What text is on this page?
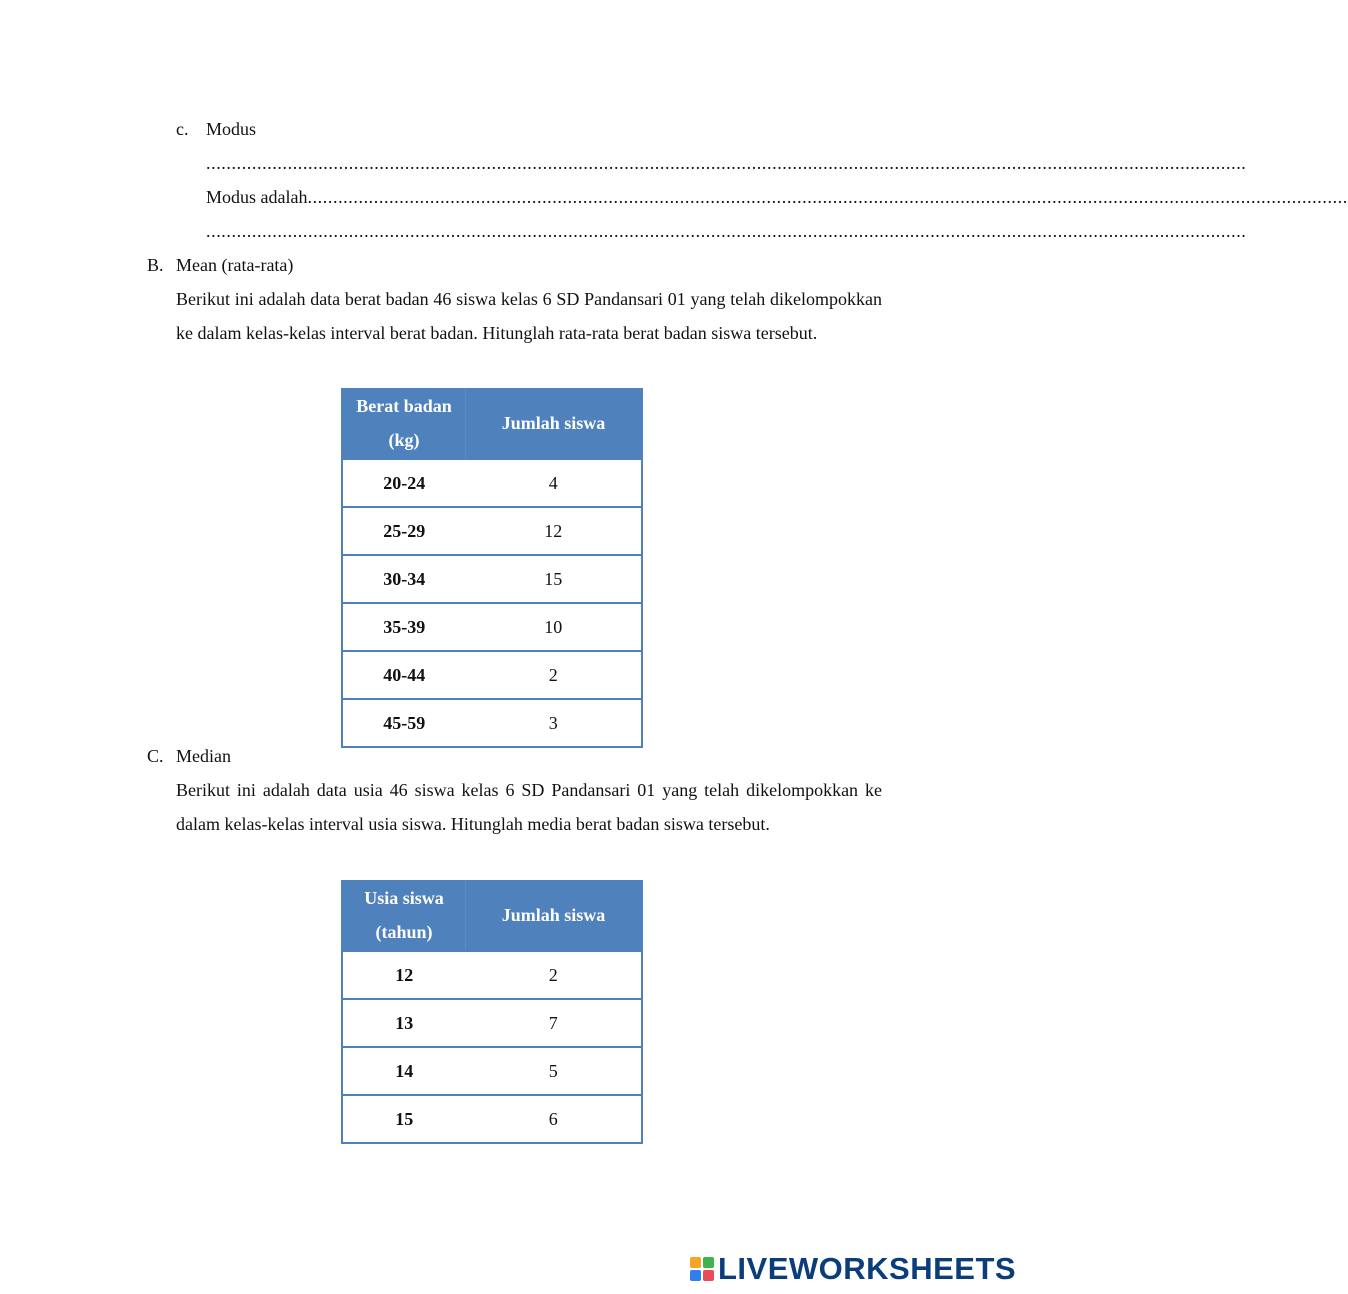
c. Modus
............................................................................................................................................................................................................
Modus adalah............................................................................................................................................................................................................
............................................................................................................................................................................................................
B. Mean (rata-rata)
Berikut ini adalah data berat badan 46 siswa kelas 6 SD Pandansari 01 yang telah dikelompokkan ke dalam kelas-kelas interval berat badan. Hitunglah rata-rata berat badan siswa tersebut.
Berat badan (kg)	Jumlah siswa
20-24	4
25-29	12
30-34	15
35-39	10
40-44	2
45-59	3
C. Median
Berikut ini adalah data usia 46 siswa kelas 6 SD Pandansari 01 yang telah dikelompokkan ke dalam kelas-kelas interval usia siswa. Hitunglah media berat badan siswa tersebut.
Usia siswa (tahun)	Jumlah siswa
12	2
13	7
14	5
15	6
LIVEWORKSHEETS
